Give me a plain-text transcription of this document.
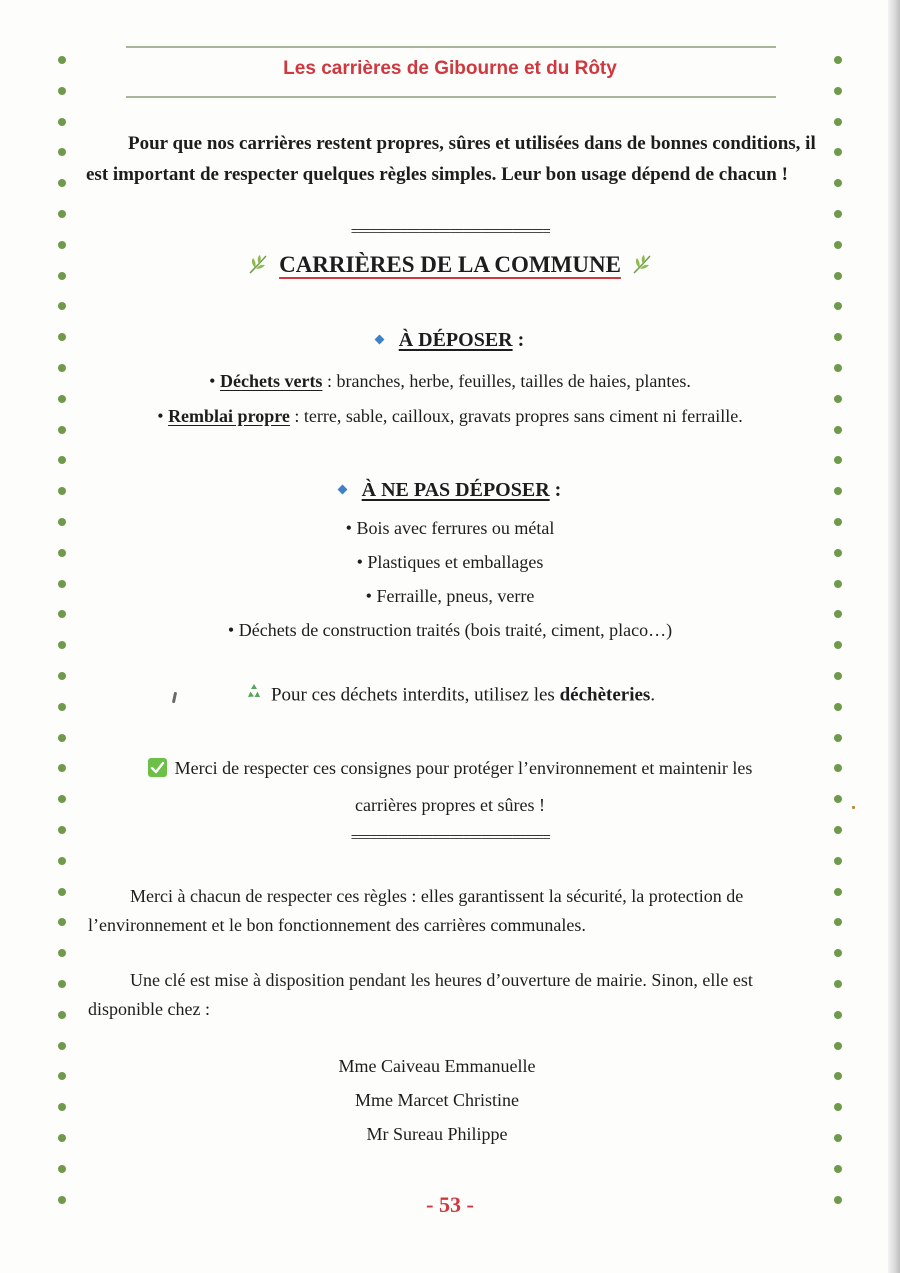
Les carrières de Gibourne et du Rôty
Pour que nos carrières restent propres, sûres et utilisées dans de bonnes conditions, il est important de respecter quelques règles simples. Leur bon usage dépend de chacun !
================================
CARRIÈRES DE LA COMMUNE
À DÉPOSER :
• Déchets verts : branches, herbe, feuilles, tailles de haies, plantes.
• Remblai propre : terre, sable, cailloux, gravats propres sans ciment ni ferraille.
À NE PAS DÉPOSER :
• Bois avec ferrures ou métal
• Plastiques et emballages
• Ferraille, pneus, verre
• Déchets de construction traités (bois traité, ciment, placo…)
Pour ces déchets interdits, utilisez les déchèteries.
Merci de respecter ces consignes pour protéger l’environnement et maintenir les
carrières propres et sûres !
================================
Merci à chacun de respecter ces règles : elles garantissent la sécurité, la protection de l’environnement et le bon fonctionnement des carrières communales.
Une clé est mise à disposition pendant les heures d’ouverture de mairie. Sinon, elle est disponible chez :
Mme Caiveau Emmanuelle
Mme Marcet Christine
Mr Sureau Philippe
- 53 -
